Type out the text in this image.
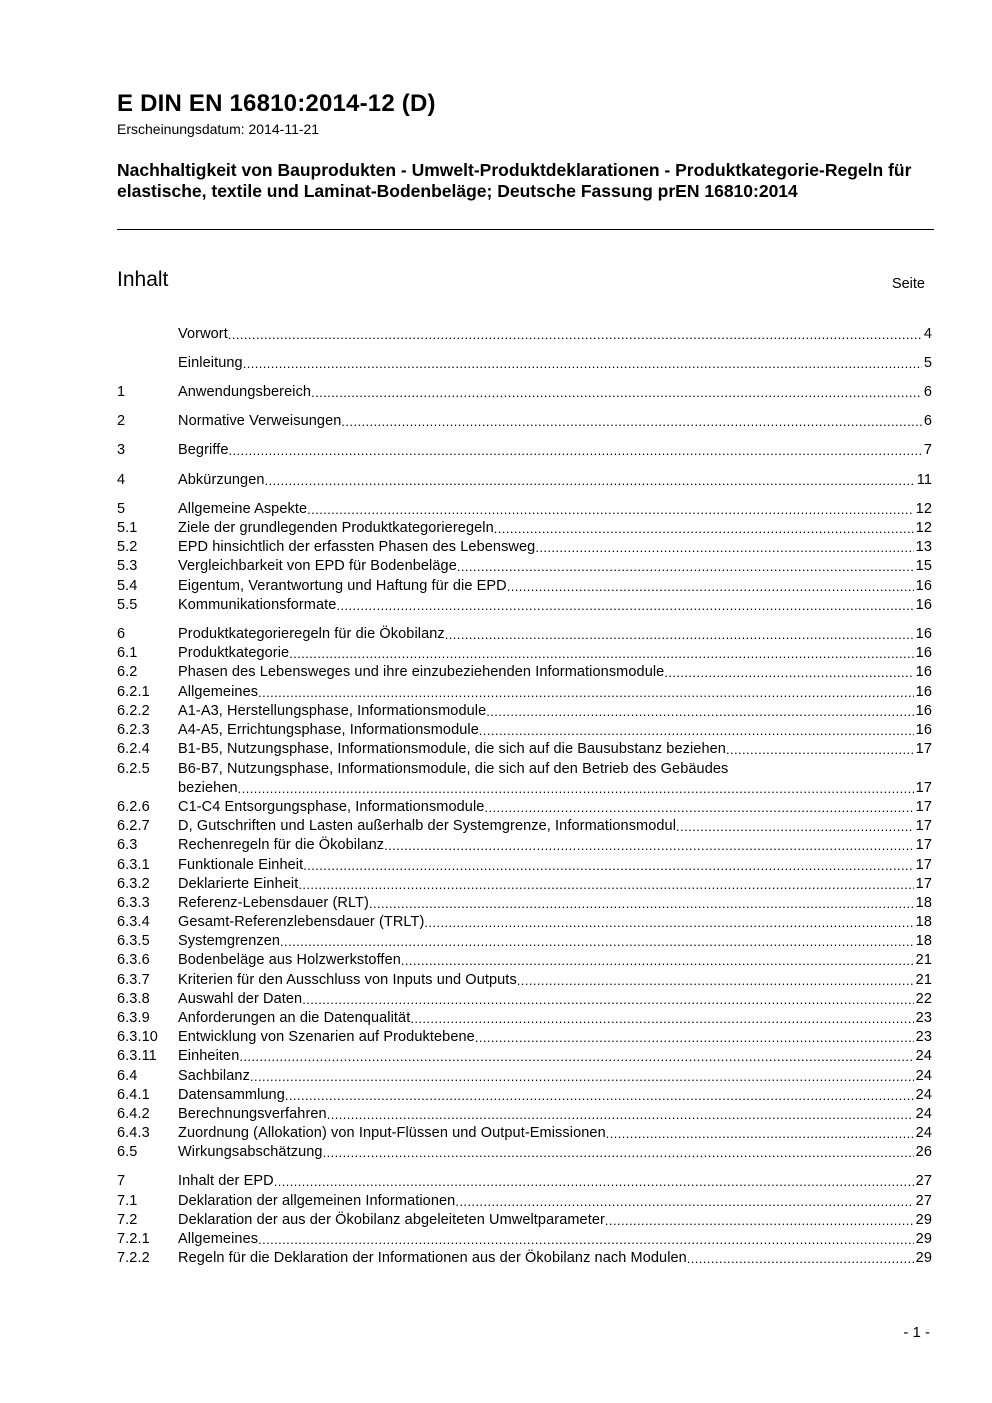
E DIN EN 16810:2014-12 (D)
Erscheinungsdatum: 2014-11-21
Nachhaltigkeit von Bauprodukten - Umwelt-Produktdeklarationen - Produktkategorie-Regeln für elastische, textile und Laminat-Bodenbeläge; Deutsche Fassung prEN 16810:2014
Inhalt	Seite
Vorwort .....	4
Einleitung .....	5
1	Anwendungsbereich .....	6
2	Normative Verweisungen .....	6
3	Begriffe .....	7
4	Abkürzungen .....	11
5	Allgemeine Aspekte .....	12
5.1	Ziele der grundlegenden Produktkategorieregeln .....	12
5.2	EPD hinsichtlich der erfassten Phasen des Lebensweg .....	13
5.3	Vergleichbarkeit von EPD für Bodenbeläge .....	15
5.4	Eigentum, Verantwortung und Haftung für die EPD .....	16
5.5	Kommunikationsformate .....	16
6	Produktkategorieregeln für die Ökobilanz .....	16
6.1	Produktkategorie .....	16
6.2	Phasen des Lebensweges und ihre einzubeziehenden Informationsmodule .....	16
6.2.1	Allgemeines .....	16
6.2.2	A1-A3, Herstellungsphase, Informationsmodule .....	16
6.2.3	A4-A5, Errichtungsphase, Informationsmodule .....	16
6.2.4	B1-B5, Nutzungsphase, Informationsmodule, die sich auf die Bausubstanz beziehen .....	17
6.2.5	B6-B7, Nutzungsphase, Informationsmodule, die sich auf den Betrieb des Gebäudes
beziehen .....	17
6.2.6	C1-C4 Entsorgungsphase, Informationsmodule .....	17
6.2.7	D, Gutschriften und Lasten außerhalb der Systemgrenze, Informationsmodul .....	17
6.3	Rechenregeln für die Ökobilanz .....	17
6.3.1	Funktionale Einheit .....	17
6.3.2	Deklarierte Einheit .....	17
6.3.3	Referenz-Lebensdauer (RLT) .....	18
6.3.4	Gesamt-Referenzlebensdauer (TRLT) .....	18
6.3.5	Systemgrenzen .....	18
6.3.6	Bodenbeläge aus Holzwerkstoffen .....	21
6.3.7	Kriterien für den Ausschluss von Inputs und Outputs .....	21
6.3.8	Auswahl der Daten .....	22
6.3.9	Anforderungen an die Datenqualität .....	23
6.3.10	Entwicklung von Szenarien auf Produktebene .....	23
6.3.11	Einheiten .....	24
6.4	Sachbilanz .....	24
6.4.1	Datensammlung .....	24
6.4.2	Berechnungsverfahren .....	24
6.4.3	Zuordnung (Allokation) von Input-Flüssen und Output-Emissionen .....	24
6.5	Wirkungsabschätzung .....	26
7	Inhalt der EPD .....	27
7.1	Deklaration der allgemeinen Informationen .....	27
7.2	Deklaration der aus der Ökobilanz abgeleiteten Umweltparameter .....	29
7.2.1	Allgemeines .....	29
7.2.2	Regeln für die Deklaration der Informationen aus der Ökobilanz nach Modulen .....	29
- 1 -
